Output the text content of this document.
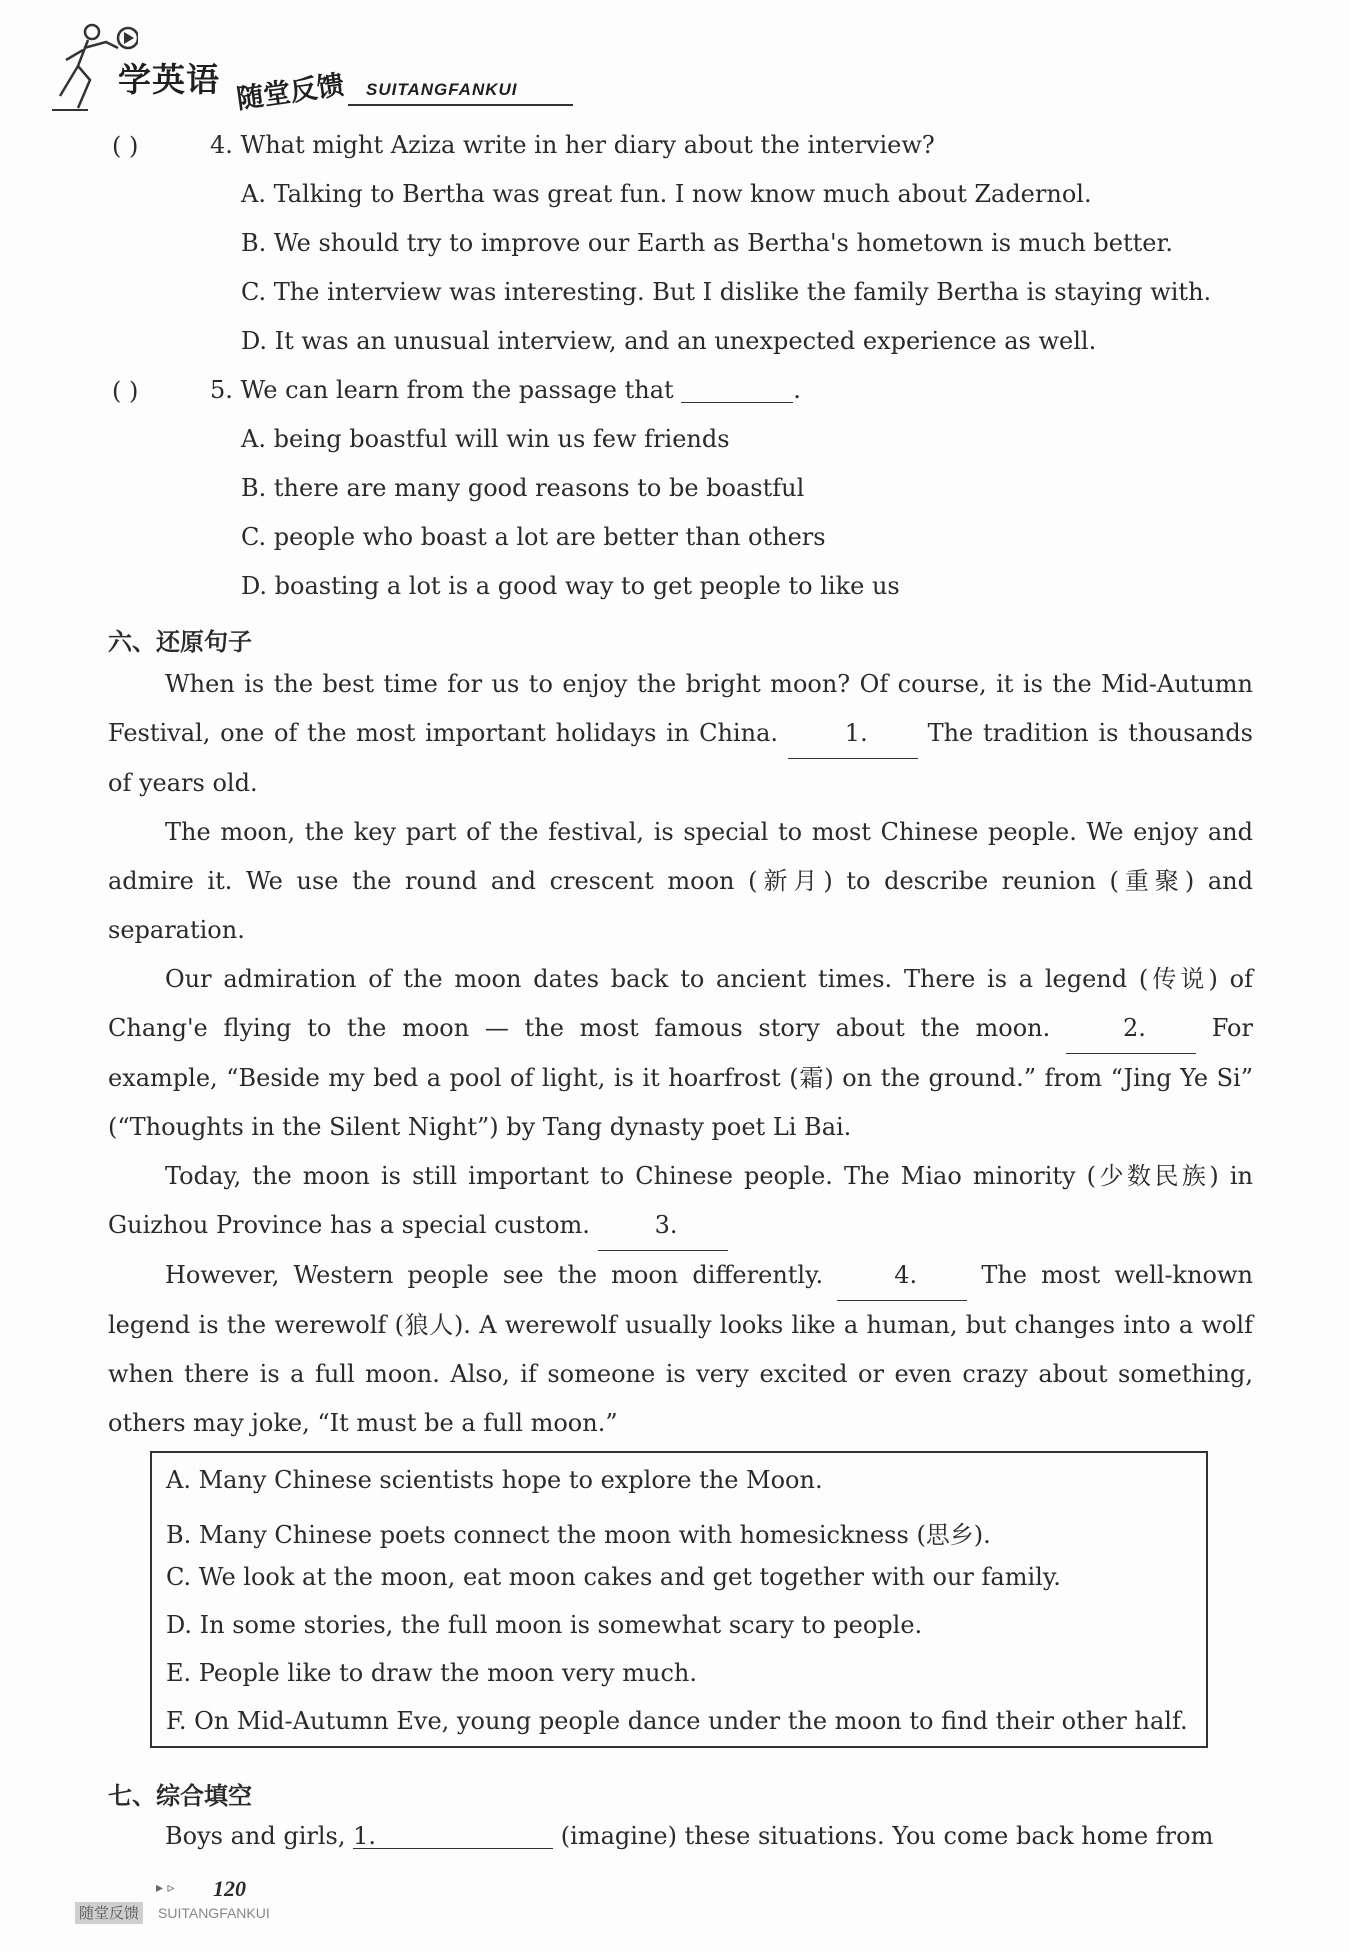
学英语 随堂反馈 SUITANGFANKUI
( )	4. What might Aziza write in her diary about the interview?
A. Talking to Bertha was great fun. I now know much about Zadernol.
B. We should try to improve our Earth as Bertha's hometown is much better.
C. The interview was interesting. But I dislike the family Bertha is staying with.
D. It was an unusual interview, and an unexpected experience as well.
( )	5. We can learn from the passage that	.
A. being boastful will win us few friends
B. there are many good reasons to be boastful
C. people who boast a lot are better than others
D. boasting a lot is a good way to get people to like us
六、还原句子

When is the best time for us to enjoy the bright moon? Of course, it is the Mid-Autumn Festival, one of the most important holidays in China.	1. The tradition is thousands of years old.

The moon, the key part of the festival, is special to most Chinese people. We enjoy and admire it. We use the round and crescent moon (新月) to describe reunion (重聚) and separation.

Our admiration of the moon dates back to ancient times. There is a legend (传说) of Chang'e flying to the moon — the most famous story about the moon.	2.	For example, “Beside my bed a pool of light, is it hoarfrost (霜) on the ground.” from “Jing Ye Si” (“Thoughts in the Silent Night”) by Tang dynasty poet Li Bai.

Today, the moon is still important to Chinese people. The Miao minority (少数民族) in Guizhou Province has a special custom.	3.

However, Western people see the moon differently.	4.	The most well-known legend is the werewolf (狼人). A werewolf usually looks like a human, but changes into a wolf when there is a full moon. Also, if someone is very excited or even crazy about something, others may joke, “It must be a full moon.”

A. Many Chinese scientists hope to explore the Moon.
B. Many Chinese poets connect the moon with homesickness (思乡).
C. We look at the moon, eat moon cakes and get together with our family.
D. In some stories, the full moon is somewhat scary to people.
E. People like to draw the moon very much.
F. On Mid-Autumn Eve, young people dance under the moon to find their other half.
七、综合填空
Boys and girls, 1.	(imagine) these situations. You come back home from
▸ ▹ 120
随堂反馈 SUITANGFANKUI
